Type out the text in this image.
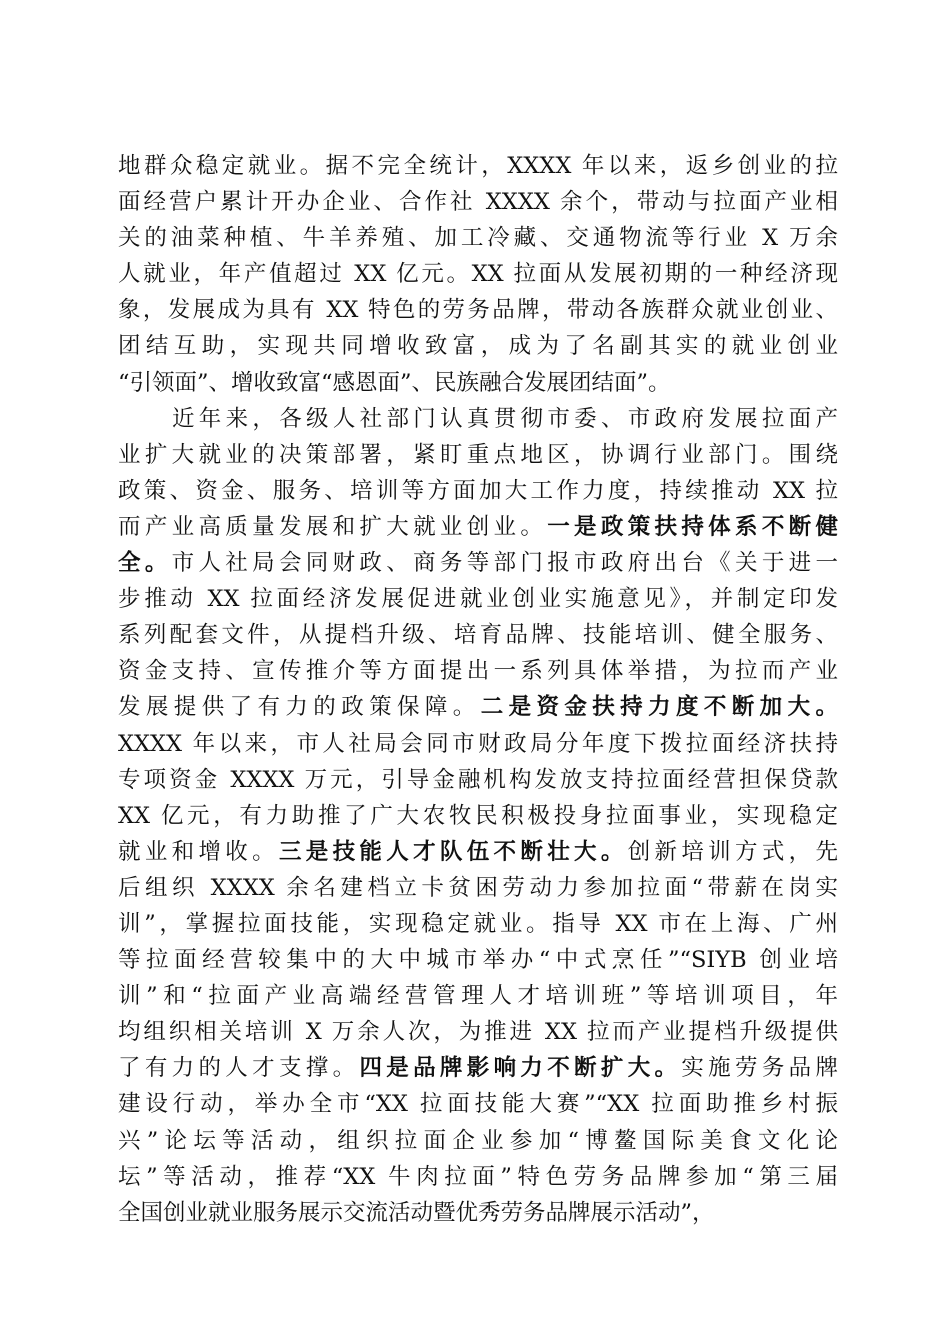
地群众稳定就业。据不完全统计，XXXX 年以来，返乡创业的拉
面经营户累计开办企业、合作社 XXXX 余个，带动与拉面产业相
关的油菜种植、牛羊养殖、加工冷藏、交通物流等行业 X 万余
人就业，年产值超过 XX 亿元。XX 拉面从发展初期的一种经济现
象，发展成为具有 XX 特色的劳务品牌，带动各族群众就业创业、
团结互助，实现共同增收致富，成为了名副其实的就业创业
“引领面”、增收致富“感恩面”、民族融合发展团结面”。
近年来，各级人社部门认真贯彻市委、市政府发展拉面产
业扩大就业的决策部署，紧盯重点地区，协调行业部门。围绕
政策、资金、服务、培训等方面加大工作力度，持续推动 XX 拉
而产业高质量发展和扩大就业创业。一是政策扶持体系不断健
全。市人社局会同财政、商务等部门报市政府出台《关于进一
步推动 XX 拉面经济发展促进就业创业实施意见》，并制定印发
系列配套文件，从提档升级、培育品牌、技能培训、健全服务、
资金支持、宣传推介等方面提出一系列具体举措，为拉而产业
发展提供了有力的政策保障。二是资金扶持力度不断加大。
XXXX 年以来，市人社局会同市财政局分年度下拨拉面经济扶持
专项资金 XXXX 万元，引导金融机构发放支持拉面经营担保贷款
XX 亿元，有力助推了广大农牧民积极投身拉面事业，实现稳定
就业和增收。三是技能人才队伍不断壮大。创新培训方式，先
后组织 XXXX 余名建档立卡贫困劳动力参加拉面“带薪在岗实
训”，掌握拉面技能，实现稳定就业。指导 XX 市在上海、广州
等拉面经营较集中的大中城市举办“中式烹任”“SIYB 创业培
训”和“拉面产业高端经营管理人才培训班”等培训项目，年
均组织相关培训 X 万余人次，为推进 XX 拉而产业提档升级提供
了有力的人才支撑。四是品牌影响力不断扩大。实施劳务品牌
建设行动，举办全市“XX 拉面技能大赛”“XX 拉面助推乡村振
兴”论坛等活动，组织拉面企业参加“博鳌国际美食文化论
坛”等活动，推荐“XX 牛肉拉面”特色劳务品牌参加“第三届
全国创业就业服务展示交流活动暨优秀劳务品牌展示活动”，
